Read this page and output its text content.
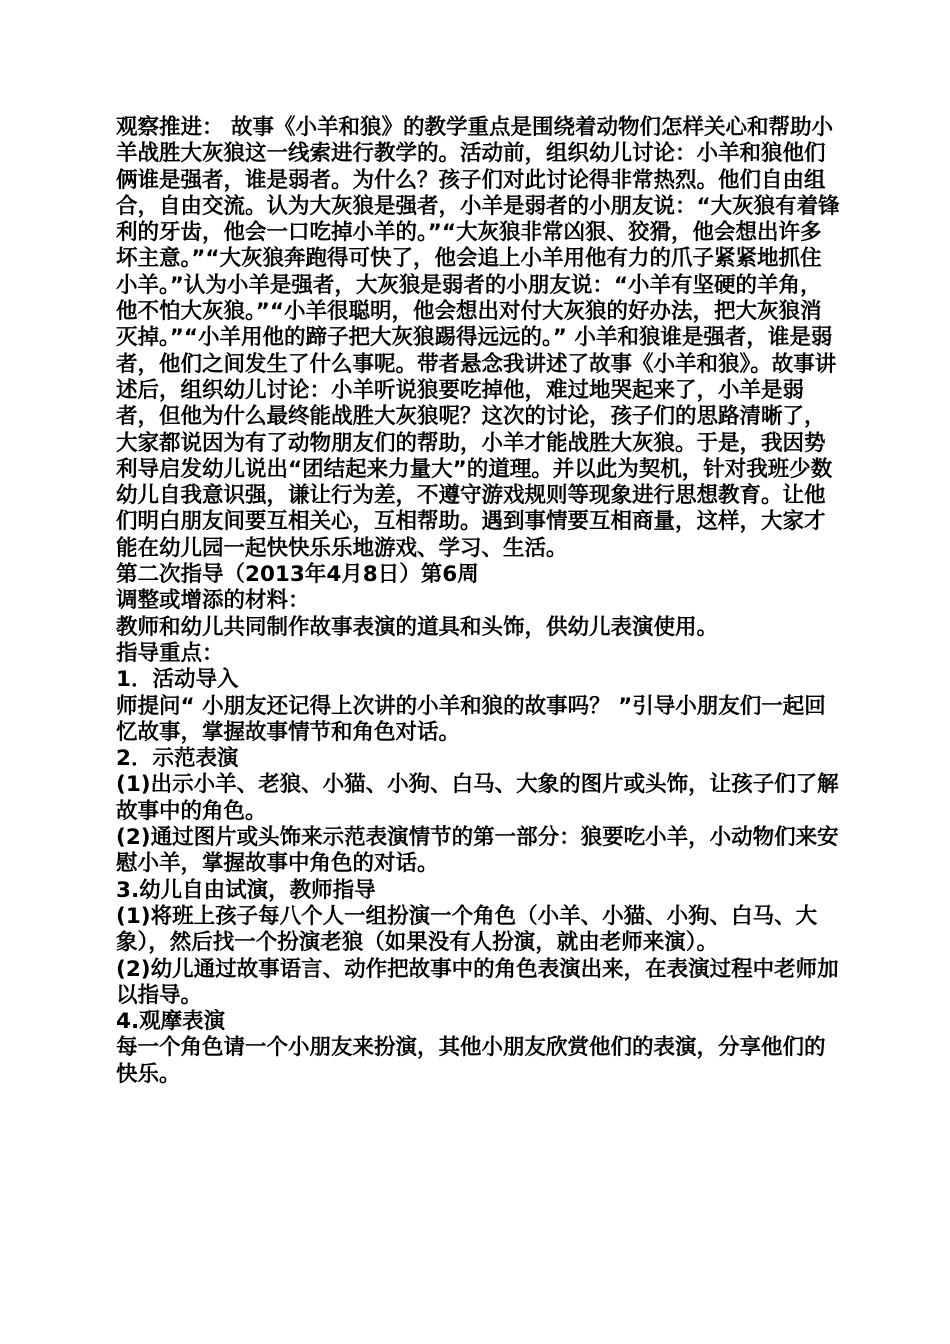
观察推进： 故事《小羊和狼》的教学重点是围绕着动物们怎样关心和帮助小羊战胜大灰狼这一线索进行教学的。活动前，组织幼儿讨论：小羊和狼他们俩谁是强者，谁是弱者。为什么？孩子们对此讨论得非常热烈。他们自由组合，自由交流。认为大灰狼是强者，小羊是弱者的小朋友说：“大灰狼有着锋利的牙齿，他会一口吃掉小羊的。”“大灰狼非常凶狠、狡猾，他会想出许多坏主意。”“大灰狼奔跑得可快了，他会追上小羊用他有力的爪子紧紧地抓住小羊。”认为小羊是强者，大灰狼是弱者的小朋友说：“小羊有坚硬的羊角，他不怕大灰狼。”“小羊很聪明，他会想出对付大灰狼的好办法，把大灰狼消灭掉。”“小羊用他的蹄子把大灰狼踢得远远的。” 小羊和狼谁是强者，谁是弱者，他们之间发生了什么事呢。带者悬念我讲述了故事《小羊和狼》。故事讲述后，组织幼儿讨论：小羊听说狼要吃掉他，难过地哭起来了，小羊是弱者，但他为什么最终能战胜大灰狼呢？这次的讨论，孩子们的思路清晰了，大家都说因为有了动物朋友们的帮助，小羊才能战胜大灰狼。于是，我因势利导启发幼儿说出“团结起来力量大”的道理。并以此为契机，针对我班少数幼儿自我意识强，谦让行为差，不遵守游戏规则等现象进行思想教育。让他们明白朋友间要互相关心，互相帮助。遇到事情要互相商量，这样，大家才能在幼儿园一起快快乐乐地游戏、学习、生活。

第二次指导（2013年4月8日）第6周

调整或增添的材料：

教师和幼儿共同制作故事表演的道具和头饰，供幼儿表演使用。

指导重点：

1．活动导入

师提问“ 小朋友还记得上次讲的小羊和狼的故事吗？ ”引导小朋友们一起回忆故事，掌握故事情节和角色对话。

2．示范表演

(1)出示小羊、老狼、小猫、小狗、白马、大象的图片或头饰，让孩子们了解故事中的角色。

(2)通过图片或头饰来示范表演情节的第一部分：狼要吃小羊，小动物们来安慰小羊，掌握故事中角色的对话。

3.幼儿自由试演，教师指导

(1)将班上孩子每八个人一组扮演一个角色（小羊、小猫、小狗、白马、大象），然后找一个扮演老狼（如果没有人扮演，就由老师来演）。

(2)幼儿通过故事语言、动作把故事中的角色表演出来，在表演过程中老师加以指导。

4.观摩表演

每一个角色请一个小朋友来扮演，其他小朋友欣赏他们的表演，分享他们的快乐。
